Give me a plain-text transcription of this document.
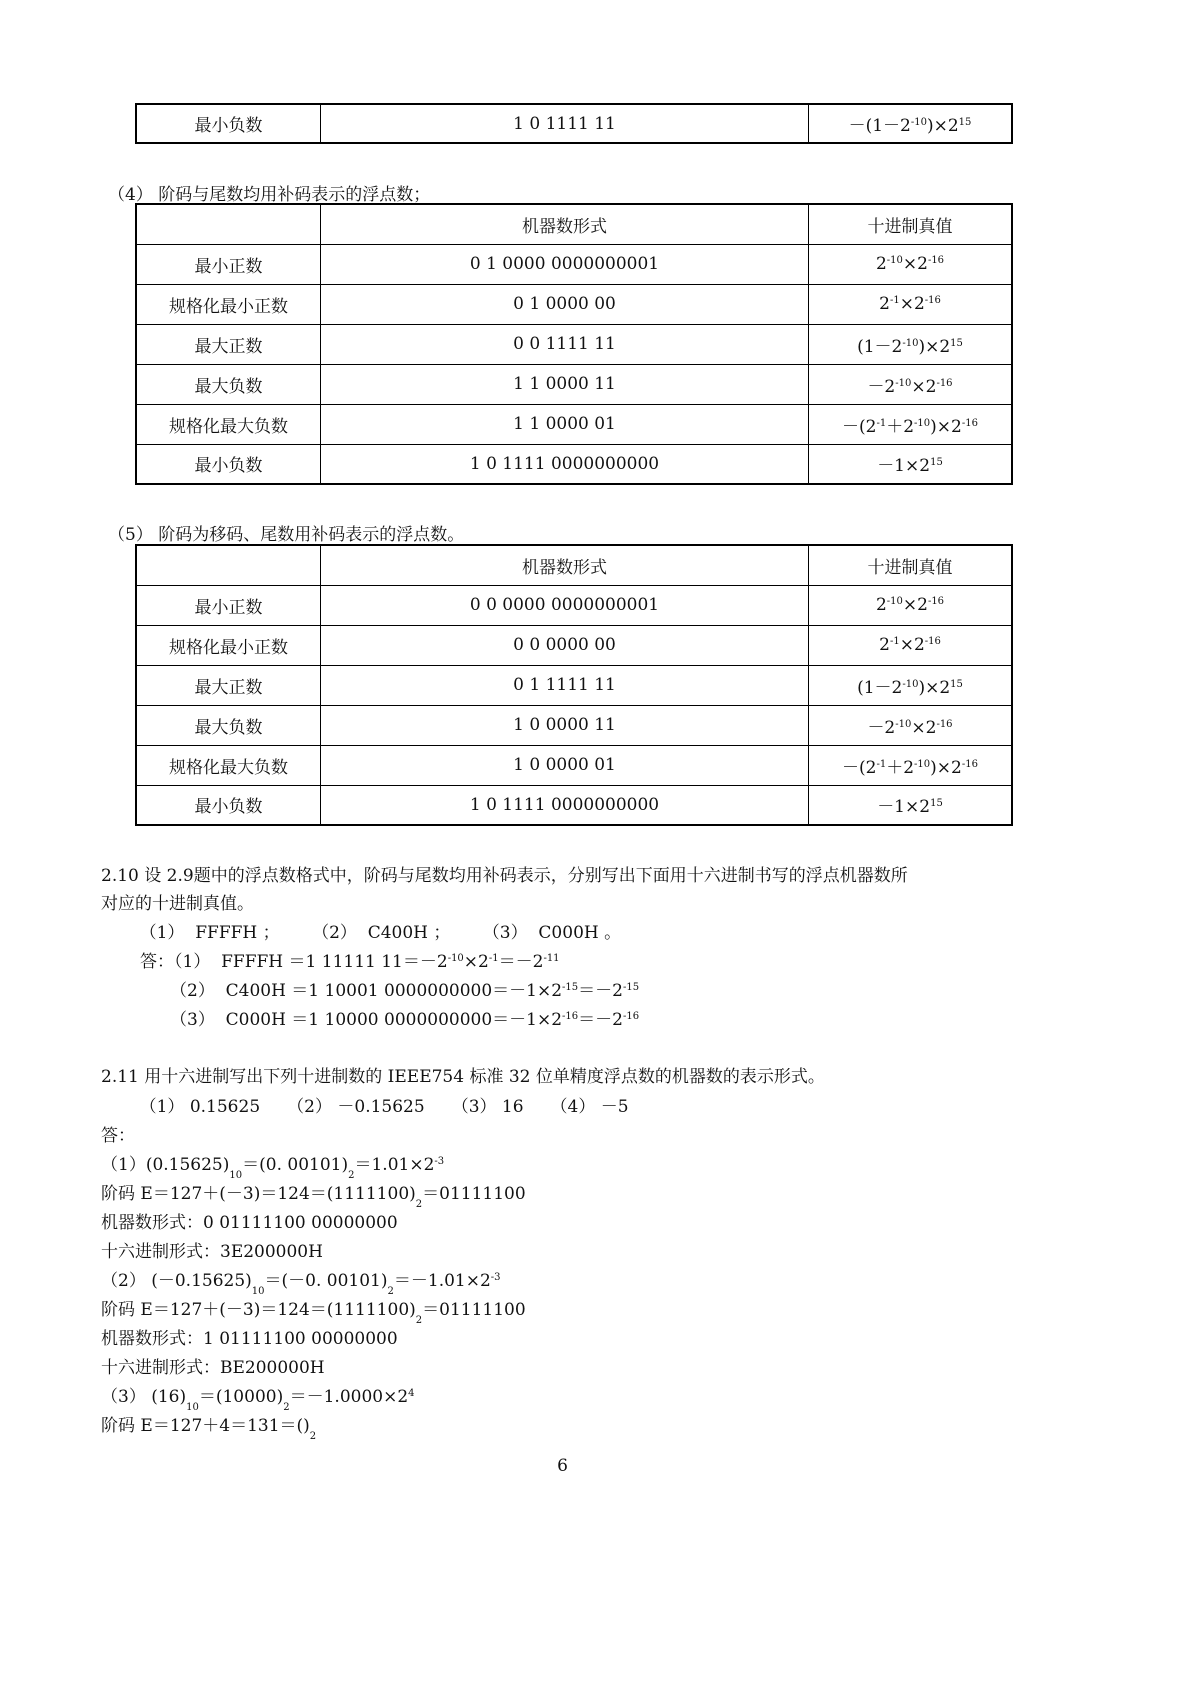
最小负数	1 0 1111 11	$-(1-2^{-10})\times 2^{15}$
（4） 阶码与尾数均用补码表示的浮点数；
	机器数形式	十进制真值
最小正数	0 1 0000 0000000001	$2^{-10}\times 2^{-16}$
规格化最小正数	0 1 0000 00	$2^{-1}\times 2^{-16}$
最大正数	0 0 1111 11	$(1-2^{-10})\times 2^{15}$
最大负数	1 1 0000 11	$-2^{-10}\times 2^{-16}$
规格化最大负数	1 1 0000 01	$-(2^{-1}+2^{-10})\times 2^{-16}$
最小负数	1 0 1111 0000000000	$-1\times 2^{15}$
（5） 阶码为移码、尾数用补码表示的浮点数。
	机器数形式	十进制真值
最小正数	0 0 0000 0000000001	$2^{-10}\times 2^{-16}$
规格化最小正数	0 0 0000 00	$2^{-1}\times 2^{-16}$
最大正数	0 1 1111 11	$(1-2^{-10})\times 2^{15}$
最大负数	1 0 0000 11	$-2^{-10}\times 2^{-16}$
规格化最大负数	1 0 0000 01	$-(2^{-1}+2^{-10})\times 2^{-16}$
最小负数	1 0 1111 0000000000	$-1\times 2^{15}$
2.10 设 2.9题中的浮点数格式中，阶码与尾数均用补码表示，分别写出下面用十六进制书写的浮点机器数所
对应的十进制真值。
（1）  FFFFH ；      （2）  C400H ；      （3）  C000H 。
答：（1）  FFFFH ＝1 11111 $11=-2^{-10}\times 2^{-1}=-2^{-11}$
（2）  C400H ＝1 10001 $0000000000=-1\times 2^{-15}=-2^{-15}$
（3）  C000H ＝1 10000 $0000000000=-1\times 2^{-16}=-2^{-16}$
2.11 用十六进制写出下列十进制数的 IEEE754 标准 32 位单精度浮点数的机器数的表示形式。
（1） 0.15625     （2） －0.15625     （3） 16     （4） －5
答：
$(1)(0.15625)_{10}=(0$. $00101)_2=1.01\times 2^{-3}$
阶码 $E=127+(-3)=124=(1111100)_2=01111100$
机器数形式：0 01111100 00000000
十六进制形式：3E200000H
（2） $(-0.15625)_{10}=(-0$. $00101)_2=-1.01\times 2^{-3}$
阶码 $E=127+(-3)=124=(1111100)_2=01111100$
机器数形式：1 01111100 00000000
十六进制形式：BE200000H
（3） $(16)_{10}=(10000)_2=-1.0000\times 2^4$
阶码 $E=127+4=131=()_2$
6
